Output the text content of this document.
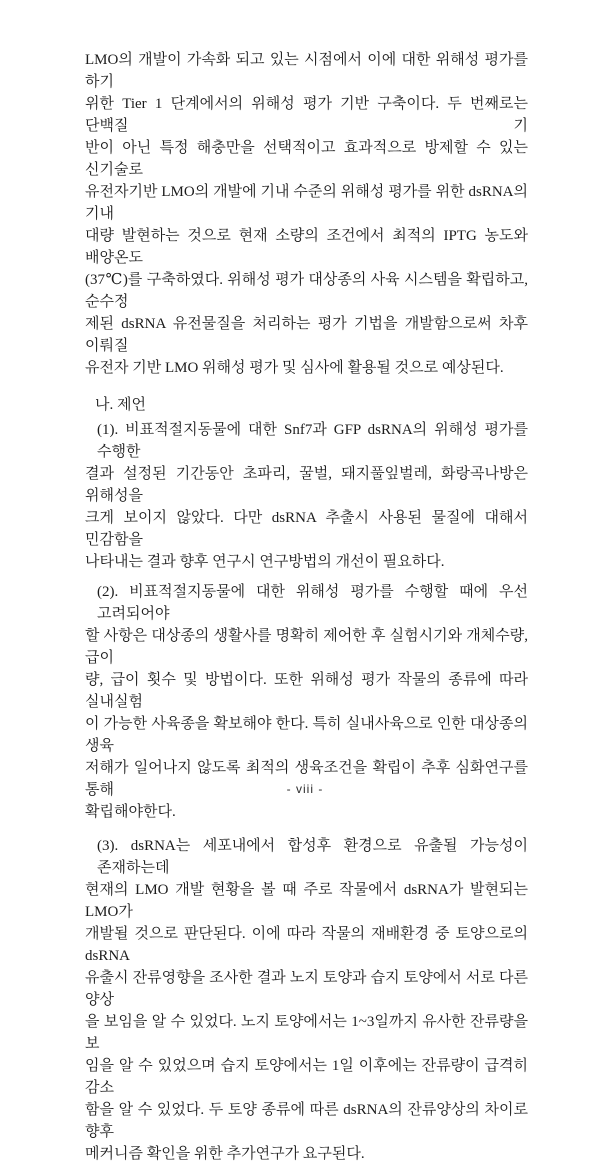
LMO의 개발이 가속화 되고 있는 시점에서 이에 대한 위해성 평가를 하기
위한 Tier 1 단계에서의 위해성 평가 기반 구축이다. 두 번째로는 단백질 기
반이 아닌 특정 해충만을 선택적이고 효과적으로 방제할 수 있는 신기술로
유전자기반 LMO의 개발에 기내 수준의 위해성 평가를 위한 dsRNA의 기내
대량 발현하는 것으로 현재 소량의 조건에서 최적의 IPTG 농도와 배양온도
(37℃)를 구축하였다. 위해성 평가 대상종의 사육 시스템을 확립하고, 순수정
제된 dsRNA 유전물질을 처리하는 평가 기법을 개발함으로써 차후 이뤄질
유전자 기반 LMO 위해성 평가 및 심사에 활용될 것으로 예상된다.
나. 제언
(1). 비표적절지동물에 대한 Snf7과 GFP dsRNA의 위해성 평가를 수행한
결과 설정된 기간동안 초파리, 꿀벌, 돼지풀잎벌레, 화랑곡나방은 위해성을
크게 보이지 않았다. 다만 dsRNA 추출시 사용된 물질에 대해서 민감함을
나타내는 결과 향후 연구시 연구방법의 개선이 필요하다.
(2). 비표적절지동물에 대한 위해성 평가를 수행할 때에 우선 고려되어야
할 사항은 대상종의 생활사를 명확히 제어한 후 실험시기와 개체수량, 급이
량, 급이 횟수 및 방법이다. 또한 위해성 평가 작물의 종류에 따라 실내실험
이 가능한 사육종을 확보해야 한다. 특히 실내사육으로 인한 대상종의 생육
저해가 일어나지 않도록 최적의 생육조건을 확립이 추후 심화연구를 통해
확립해야한다.
(3). dsRNA는 세포내에서 합성후 환경으로 유출될 가능성이 존재하는데
현재의 LMO 개발 현황을 볼 때 주로 작물에서 dsRNA가 발현되는 LMO가
개발될 것으로 판단된다. 이에 따라 작물의 재배환경 중 토양으로의 dsRNA
유출시 잔류영향을 조사한 결과 노지 토양과 습지 토양에서 서로 다른 양상
을 보임을 알 수 있었다. 노지 토양에서는 1~3일까지 유사한 잔류량을 보
임을 알 수 있었으며 습지 토양에서는 1일 이후에는 잔류량이 급격히 감소
함을 알 수 있었다. 두 토양 종류에 따른 dsRNA의 잔류양상의 차이로 향후
메커니즘 확인을 위한 추가연구가 요구된다.
- viii -
